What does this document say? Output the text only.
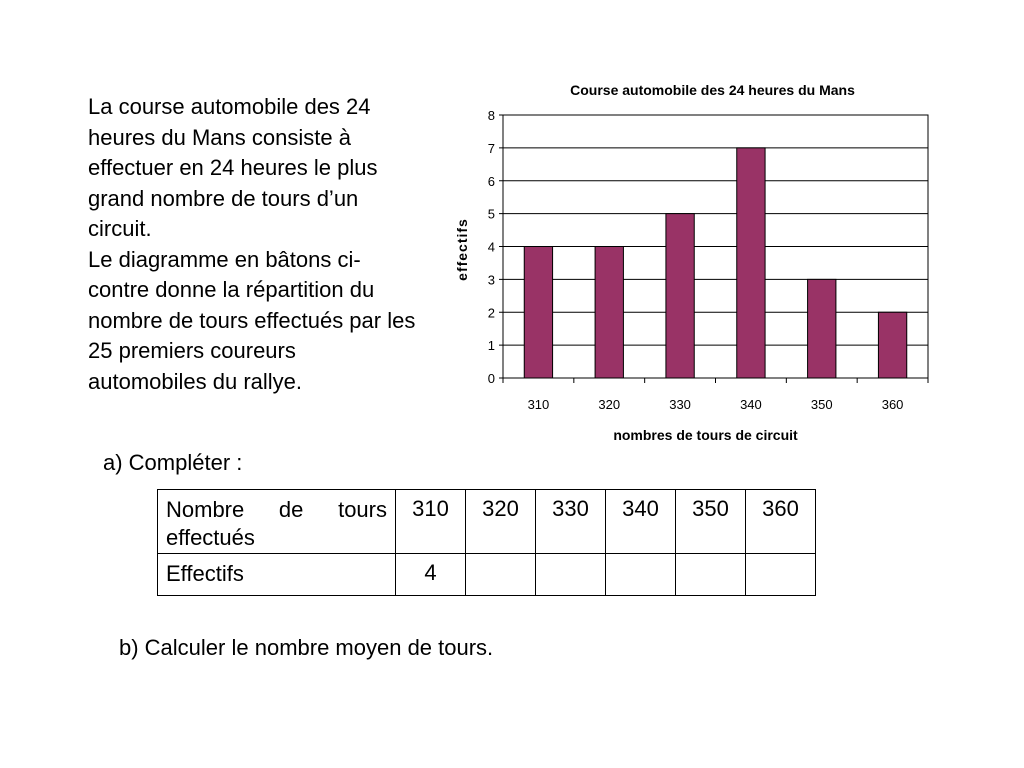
La course automobile des 24 heures du Mans consiste à effectuer en 24 heures le plus grand nombre de tours d’un circuit.

Le diagramme en bâtons ci-contre donne la répartition du nombre de tours effectués par les 25 premiers coureurs automobiles du rallye.	0
1
2
3
4
5
6
7
8
310	320	330	340	350	360
Course automobile des 24 heures du Mans
nombres de tours de circuit
effectifs
a) Compléter :
Nombre de tours effectués	310	320	330	340	350	360
Effectifs	4					
b) Calculer le nombre moyen de tours.
